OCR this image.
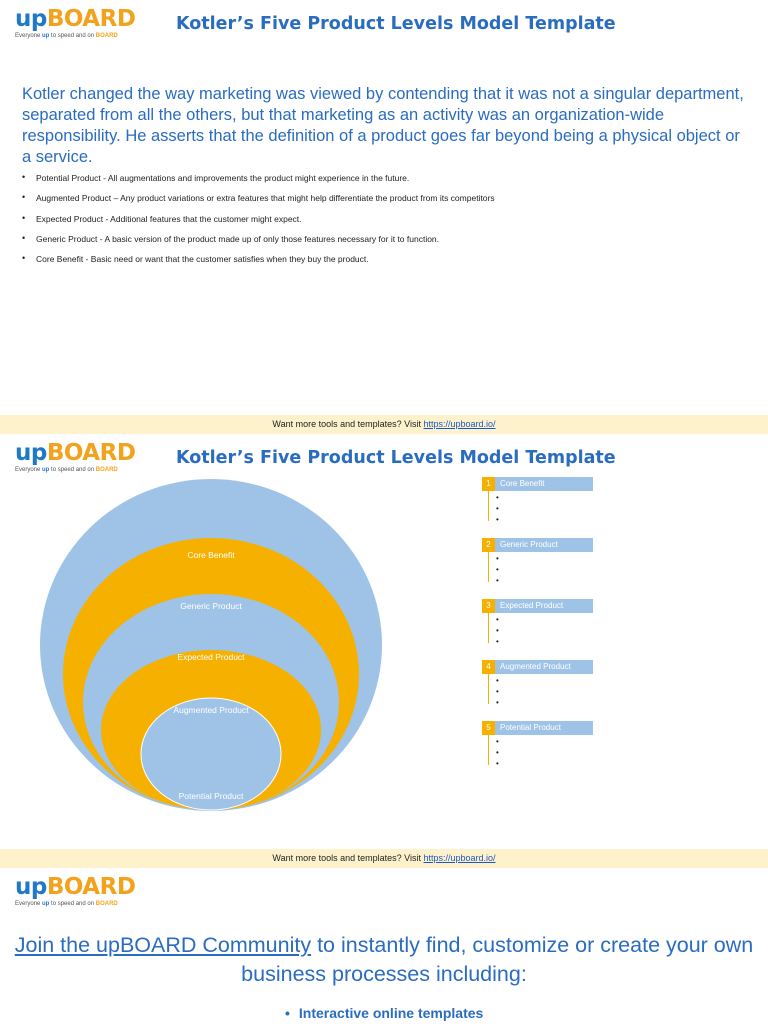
upBOARD
Everyone up to speed and on BOARD
Kotler’s Five Product Levels Model Template
Kotler changed the way marketing was viewed by contending that it was not a singular department, separated from all the others, but that marketing as an activity was an organization-wide responsibility. He asserts that the definition of a product goes far beyond being a physical object or a service.
• Potential Product - All augmentations and improvements the product might experience in the future.
• Augmented Product – Any product variations or extra features that might help differentiate the product from its competitors
• Expected Product - Additional features that the customer might expect.
• Generic Product - A basic version of the product made up of only those features necessary for it to function.
• Core Benefit - Basic need or want that the customer satisfies when they buy the product.
Want more tools and templates? Visit https://upboard.io/
upBOARD
Everyone up to speed and on BOARD
Kotler’s Five Product Levels Model Template
Core Benefit
Generic Product
Expected Product
Augmented Product
Potential Product
1	Core Benefit
•
•
•
2	Generic Product
•
•
•
3	Expected Product
•
•
•
4	Augmented Product
•
•
•
5	Potential Product
•
•
•
Want more tools and templates? Visit https://upboard.io/
upBOARD
Everyone up to speed and on BOARD
Join the upBOARD Community to instantly find, customize or create your own business processes including:
• Interactive online templates
